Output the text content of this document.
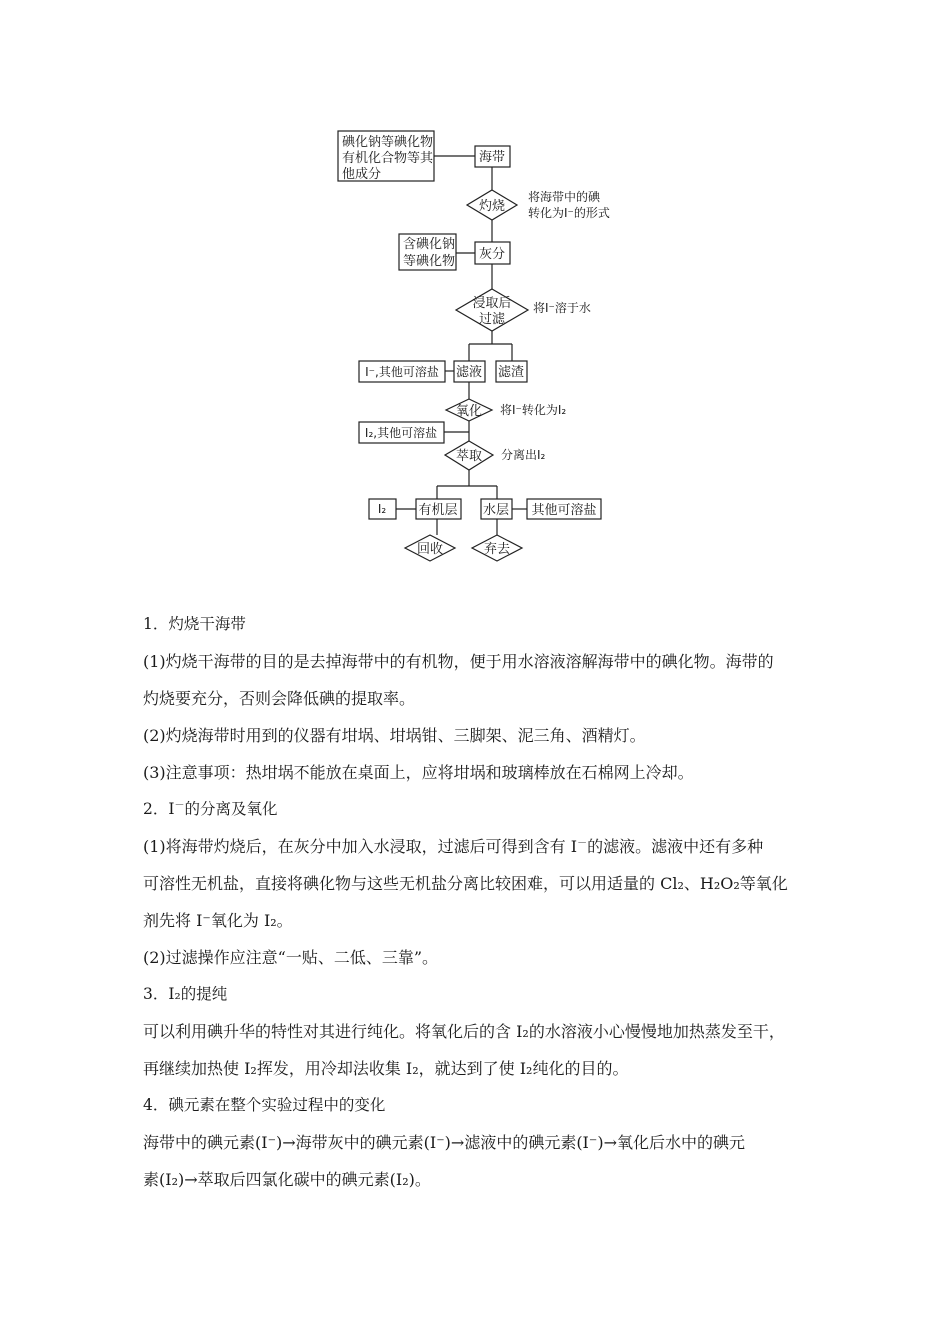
碘化钠等碘化物
有机化合物等其
他成分
海带
灼烧
将海带中的碘
转化为I⁻的形式
含碘化钠
等碘化物 灰分
浸取后
过滤
将I⁻溶于水
I⁻,其他可溶盐 滤液 滤渣
氧化 将I⁻转化为I₂
I₂,其他可溶盐
萃取 分离出I₂
I₂ 有机层 水层 其他可溶盐
回收	弃去

1．灼烧干海带

(1)灼烧干海带的目的是去掉海带中的有机物，便于用水溶液溶解海带中的碘化物。海带的

灼烧要充分，否则会降低碘的提取率。

(2)灼烧海带时用到的仪器有坩埚、坩埚钳、三脚架、泥三角、酒精灯。

(3)注意事项：热坩埚不能放在桌面上，应将坩埚和玻璃棒放在石棉网上冷却。

2．I－的分离及氧化

(1)将海带灼烧后，在灰分中加入水浸取，过滤后可得到含有 I－的滤液。滤液中还有多种

可溶性无机盐，直接将碘化物与这些无机盐分离比较困难，可以用适量的 Cl₂、H₂O₂等氧化

剂先将 I⁻氧化为 I₂。

(2)过滤操作应注意“一贴、二低、三靠”。

3．I₂的提纯

可以利用碘升华的特性对其进行纯化。将氧化后的含 I₂的水溶液小心慢慢地加热蒸发至干，

再继续加热使 I₂挥发，用冷却法收集 I₂，就达到了使 I₂纯化的目的。

4．碘元素在整个实验过程中的变化

海带中的碘元素(I⁻)→海带灰中的碘元素(I⁻)→滤液中的碘元素(I⁻)→氧化后水中的碘元

素(I₂)→萃取后四氯化碳中的碘元素(I₂)。
